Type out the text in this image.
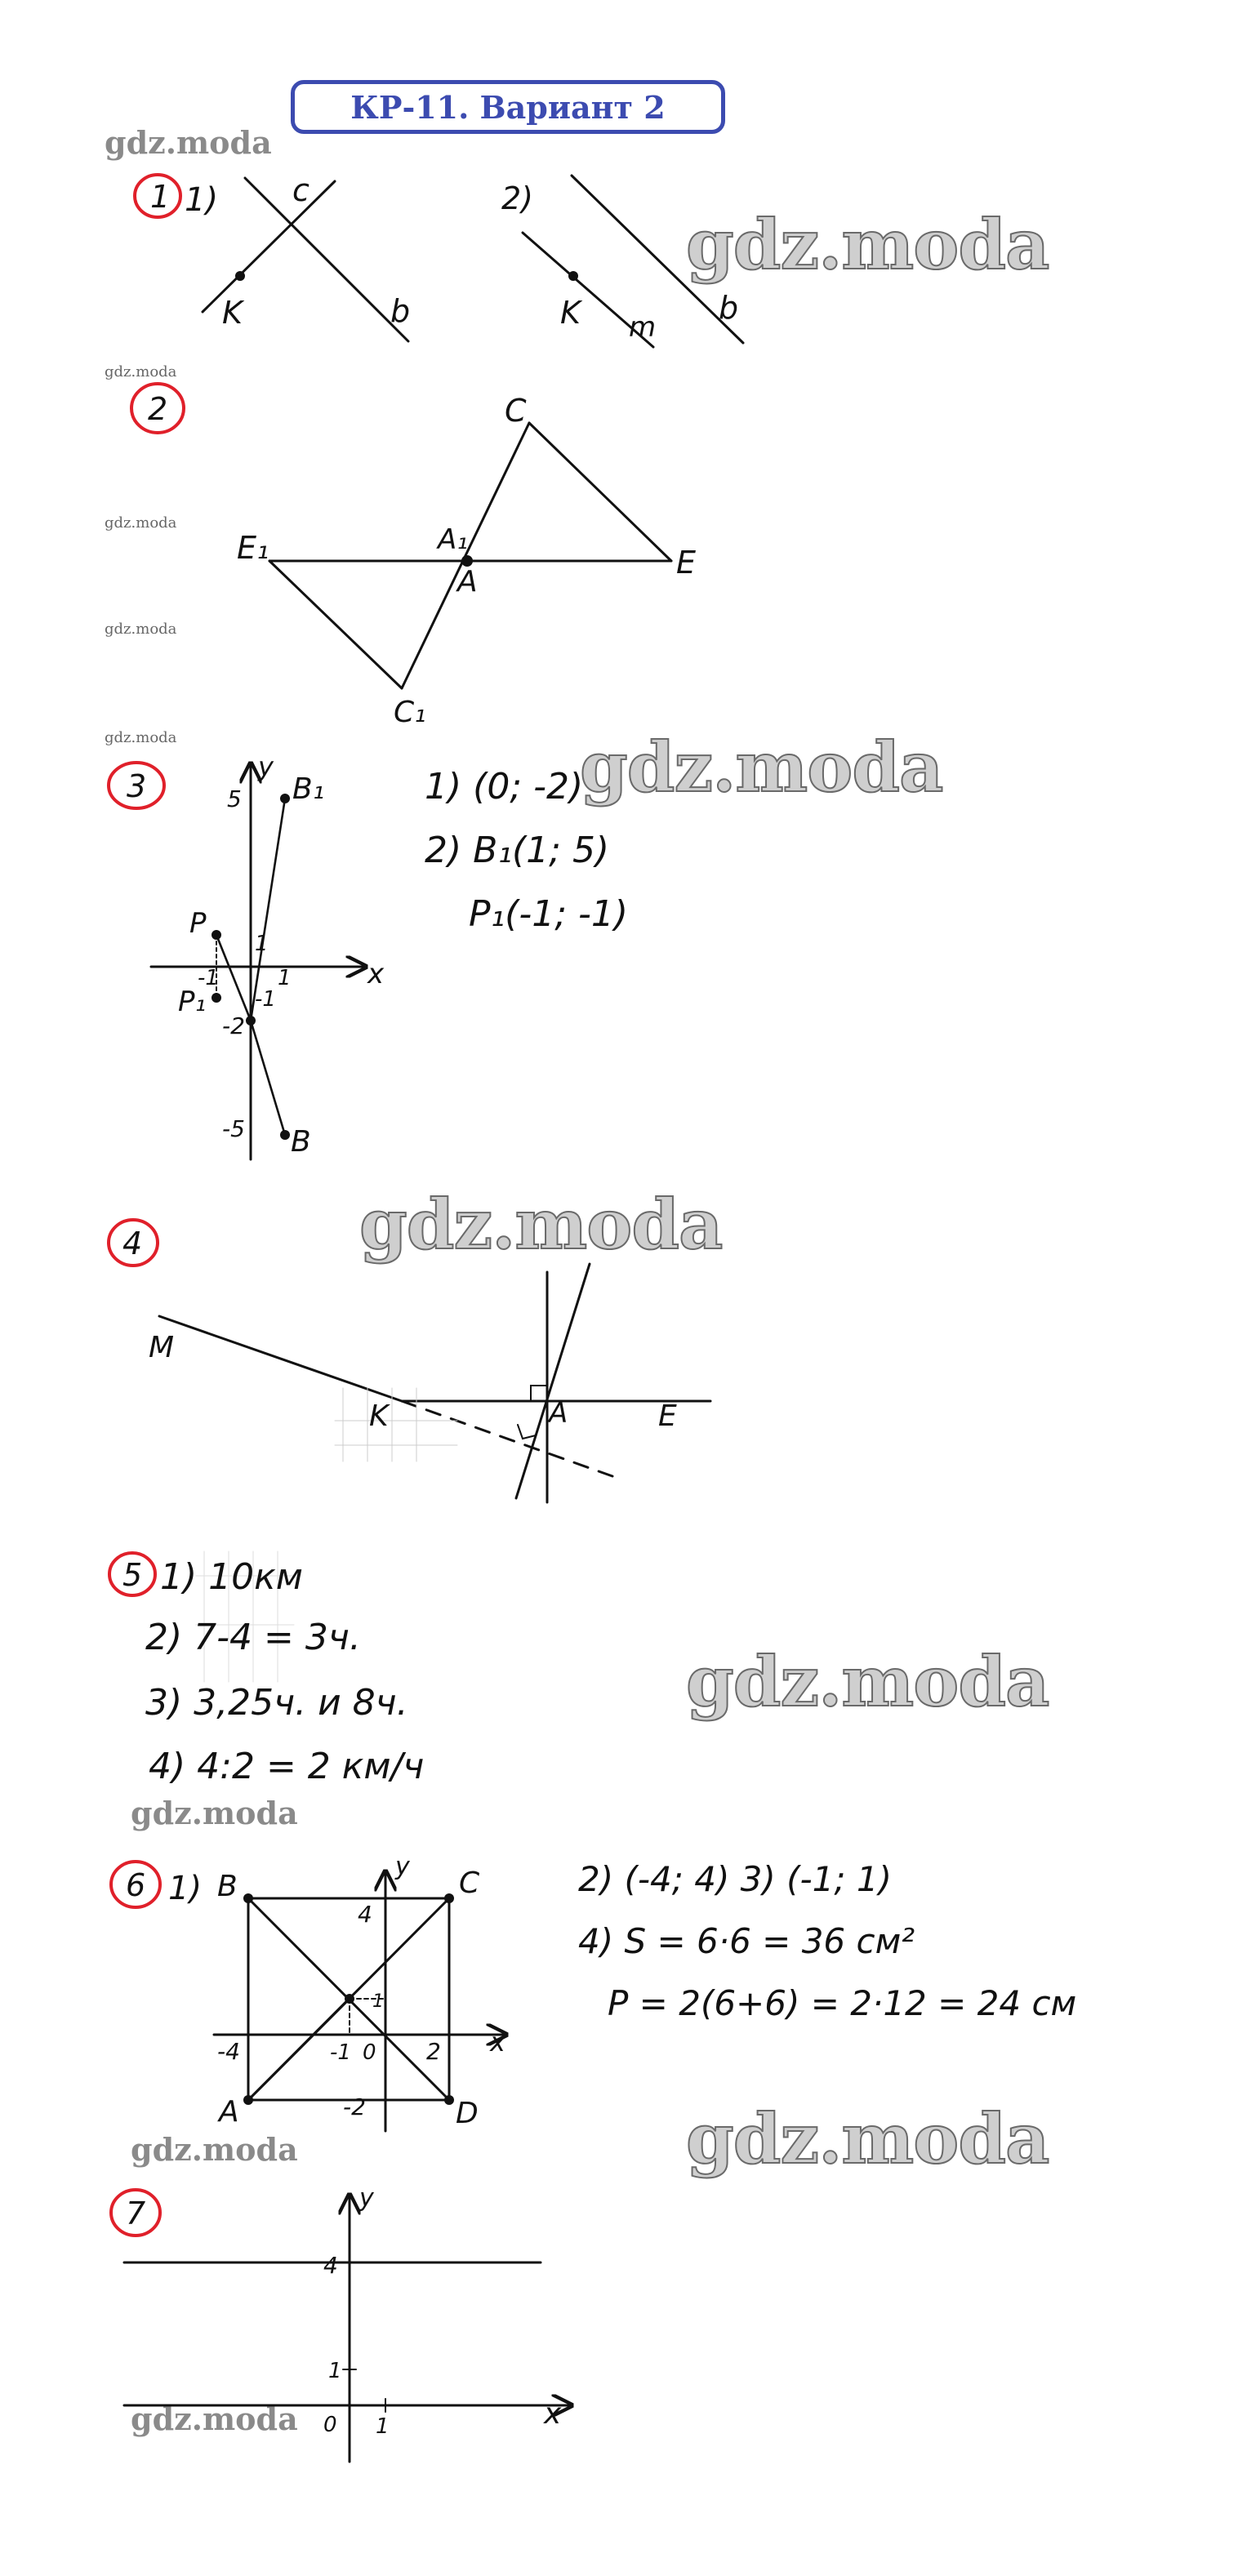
КР-11. Вариант 2
gdz.moda
gdz.moda
gdz.moda
gdz.moda
gdz.moda
gdz.moda	gdz.moda
gdz.moda
gdz.moda
gdz.moda
gdz.moda
gdz.moda
gdz.moda
1 1) c
b
K
2)
K m
b
2	C
E
E₁	A₁
A
C₁
3
y
x
5
1
-1
-2
-5
-1	1
B₁
B
P
P₁
1) (0; -2)
2) B₁(1; 5)
P₁(-1; -1)
4
M
K	A	E
5 1) 10км
2) 7-4 = 3ч.
3) 3,25ч. и 8ч.
4) 4:2 = 2 км/ч
6 1) B	C
A	D
y
x
4
1
-2
-4	-1 0 2
2) (-4; 4) 3) (-1; 1)
4) S = 6·6 = 36 см²
P = 2(6+6) = 2·12 = 24 см
7	y
x
4
1
0 1
